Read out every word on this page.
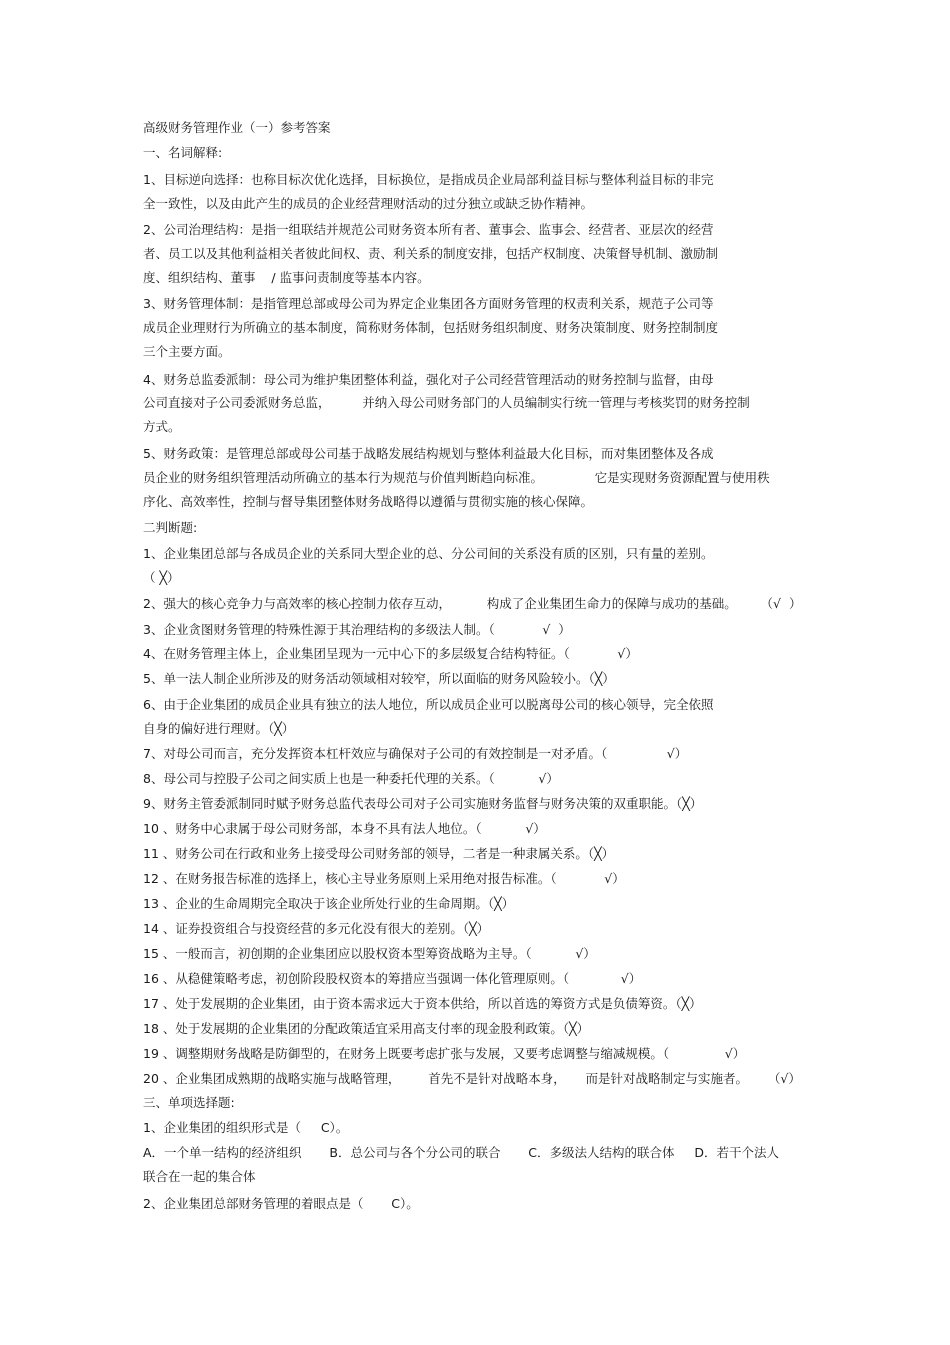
高级财务管理作业（一）参考答案
一、名词解释:
1、目标逆向选择：也称目标次优化选择，目标换位，是指成员企业局部利益目标与整体利益目标的非完
全一致性，以及由此产生的成员的企业经营理财活动的过分独立或缺乏协作精神。
2、公司治理结构：是指一组联结并规范公司财务资本所有者、董事会、监事会、经营者、亚层次的经营
者、员工以及其他利益相关者彼此间权、责、利关系的制度安排，包括产权制度、决策督导机制、激励制
度、组织结构、董事    / 监事问责制度等基本内容。
3、财务管理体制：是指管理总部或母公司为界定企业集团各方面财务管理的权责利关系，规范子公司等
成员企业理财行为所确立的基本制度，简称财务体制，包括财务组织制度、财务决策制度、财务控制制度
三个主要方面。
4、财务总监委派制：母公司为维护集团整体利益，强化对子公司经营管理活动的财务控制与监督，由母
公司直接对子公司委派财务总监，        并纳入母公司财务部门的人员编制实行统一管理与考核奖罚的财务控制
方式。
5、财务政策：是管理总部或母公司基于战略发展结构规划与整体利益最大化目标，而对集团整体及各成
员企业的财务组织管理活动所确立的基本行为规范与价值判断趋向标准。             它是实现财务资源配置与使用秩
序化、高效率性，控制与督导集团整体财务战略得以遵循与贯彻实施的核心保障。
二判断题:
1、企业集团总部与各成员企业的关系同大型企业的总、分公司间的关系没有质的区别，只有量的差别。
（ ╳）
2、强大的核心竞争力与高效率的核心控制力依存互动，         构成了企业集团生命力的保障与成功的基础。      （√  ）
3、企业贪图财务管理的特殊性源于其治理结构的多级法人制。（            √  ）
4、在财务管理主体上，企业集团呈现为一元中心下的多层级复合结构特征。（            √）
5、单一法人制企业所涉及的财务活动领域相对较窄，所以面临的财务风险较小。（╳）
6、由于企业集团的成员企业具有独立的法人地位，所以成员企业可以脱离母公司的核心领导，完全依照
自身的偏好进行理财。（╳）
7、对母公司而言，充分发挥资本杠杆效应与确保对子公司的有效控制是一对矛盾。（               √）
8、母公司与控股子公司之间实质上也是一种委托代理的关系。（           √）
9、财务主管委派制同时赋予财务总监代表母公司对子公司实施财务监督与财务决策的双重职能。（╳）
10 、财务中心隶属于母公司财务部，本身不具有法人地位。（           √）
11 、财务公司在行政和业务上接受母公司财务部的领导，二者是一种隶属关系。（╳）
12 、在财务报告标准的选择上，核心主导业务原则上采用绝对报告标准。（            √）
13 、企业的生命周期完全取决于该企业所处行业的生命周期。（╳）
14 、证券投资组合与投资经营的多元化没有很大的差别。（╳）
15 、一般而言，初创期的企业集团应以股权资本型筹资战略为主导。（           √）
16 、从稳健策略考虑，初创阶段股权资本的筹措应当强调一体化管理原则。（             √）
17 、处于发展期的企业集团，由于资本需求远大于资本供给，所以首选的筹资方式是负债筹资。（╳）
18 、处于发展期的企业集团的分配政策适宜采用高支付率的现金股利政策。（╳）
19 、调整期财务战略是防御型的，在财务上既要考虑扩张与发展，又要考虑调整与缩减规模。（              √）
20 、企业集团成熟期的战略实施与战略管理，       首先不是针对战略本身，     而是针对战略制定与实施者。     （√）
三、单项选择题:
1、企业集团的组织形式是（     C）。
A．一个单一结构的经济组织       B．总公司与各个分公司的联合       C．多级法人结构的联合体     D．若干个法人
联合在一起的集合体
2、企业集团总部财务管理的着眼点是（       C）。
